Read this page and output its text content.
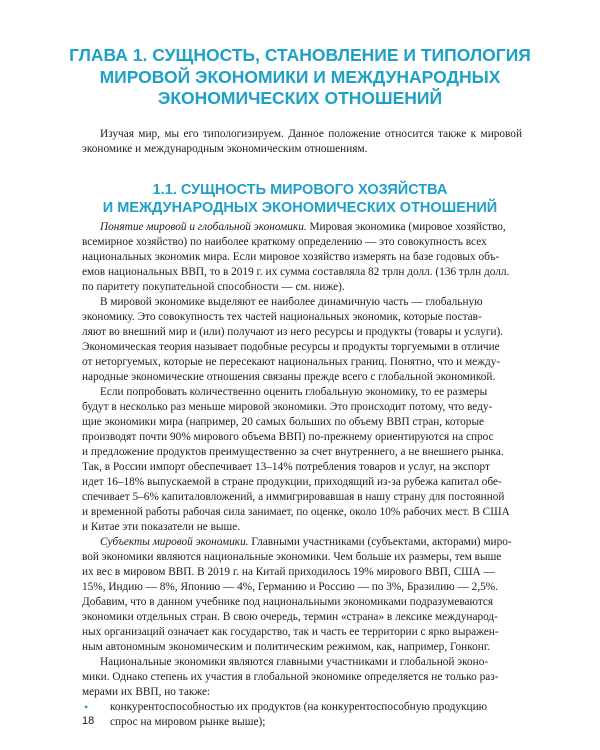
ГЛАВА 1. СУЩНОСТЬ, СТАНОВЛЕНИЕ И ТИПОЛОГИЯ
МИРОВОЙ ЭКОНОМИКИ И МЕЖДУНАРОДНЫХ
ЭКОНОМИЧЕСКИХ ОТНОШЕНИЙ
Изучая мир, мы его типологизируем. Данное положение относится также к мировой экономике и международным экономическим отношениям.
1.1. СУЩНОСТЬ МИРОВОГО ХОЗЯЙСТВА
И МЕЖДУНАРОДНЫХ ЭКОНОМИЧЕСКИХ ОТНОШЕНИЙ
Понятие мировой и глобальной экономики. Мировая экономика (мировое хозяйство,
всемирное хозяйство) по наиболее краткому определению — это совокупность всех
национальных экономик мира. Если мировое хозяйство измерять на базе годовых объ-
емов национальных ВВП, то в 2019 г. их сумма составляла 82 трлн долл. (136 трлн долл.
по паритету покупательной способности — см. ниже).
В мировой экономике выделяют ее наиболее динамичную часть — глобальную
экономику. Это совокупность тех частей национальных экономик, которые постав-
ляют во внешний мир и (или) получают из него ресурсы и продукты (товары и услуги).
Экономическая теория называет подобные ресурсы и продукты торгуемыми в отличие
от неторгуемых, которые не пересекают национальных границ. Понятно, что и между-
народные экономические отношения связаны прежде всего с глобальной экономикой.
Если попробовать количественно оценить глобальную экономику, то ее размеры
будут в несколько раз меньше мировой экономики. Это происходит потому, что веду-
щие экономики мира (например, 20 самых больших по объему ВВП стран, которые
производят почти 90% мирового объема ВВП) по-прежнему ориентируются на спрос
и предложение продуктов преимущественно за счет внутреннего, а не внешнего рынка.
Так, в России импорт обеспечивает 13–14% потребления товаров и услуг, на экспорт
идет 16–18% выпускаемой в стране продукции, приходящий из-за рубежа капитал обе-
спечивает 5–6% капиталовложений, а иммигрировавшая в нашу страну для постоянной
и временной работы рабочая сила занимает, по оценке, около 10% рабочих мест. В США
и Китае эти показатели не выше.
Субъекты мировой экономики. Главными участниками (субъектами, акторами) миро-
вой экономики являются национальные экономики. Чем больше их размеры, тем выше
их вес в мировом ВВП. В 2019 г. на Китай приходилось 19% мирового ВВП, США —
15%, Индию — 8%, Японию — 4%, Германию и Россию — по 3%, Бразилию — 2,5%.
Добавим, что в данном учебнике под национальными экономиками подразумеваются
экономики отдельных стран. В свою очередь, термин «страна» в лексике международ-
ных организаций означает как государство, так и часть ее территории с ярко выражен-
ным автономным экономическим и политическим режимом, как, например, Гонконг.
Национальные экономики являются главными участниками и глобальной эконо-
мики. Однако степень их участия в глобальной экономике определяется не только раз-
мерами их ВВП, но также:
• конкурентоспособностью их продуктов (на конкурентоспособную продукцию
спрос на мировом рынке выше);
18
